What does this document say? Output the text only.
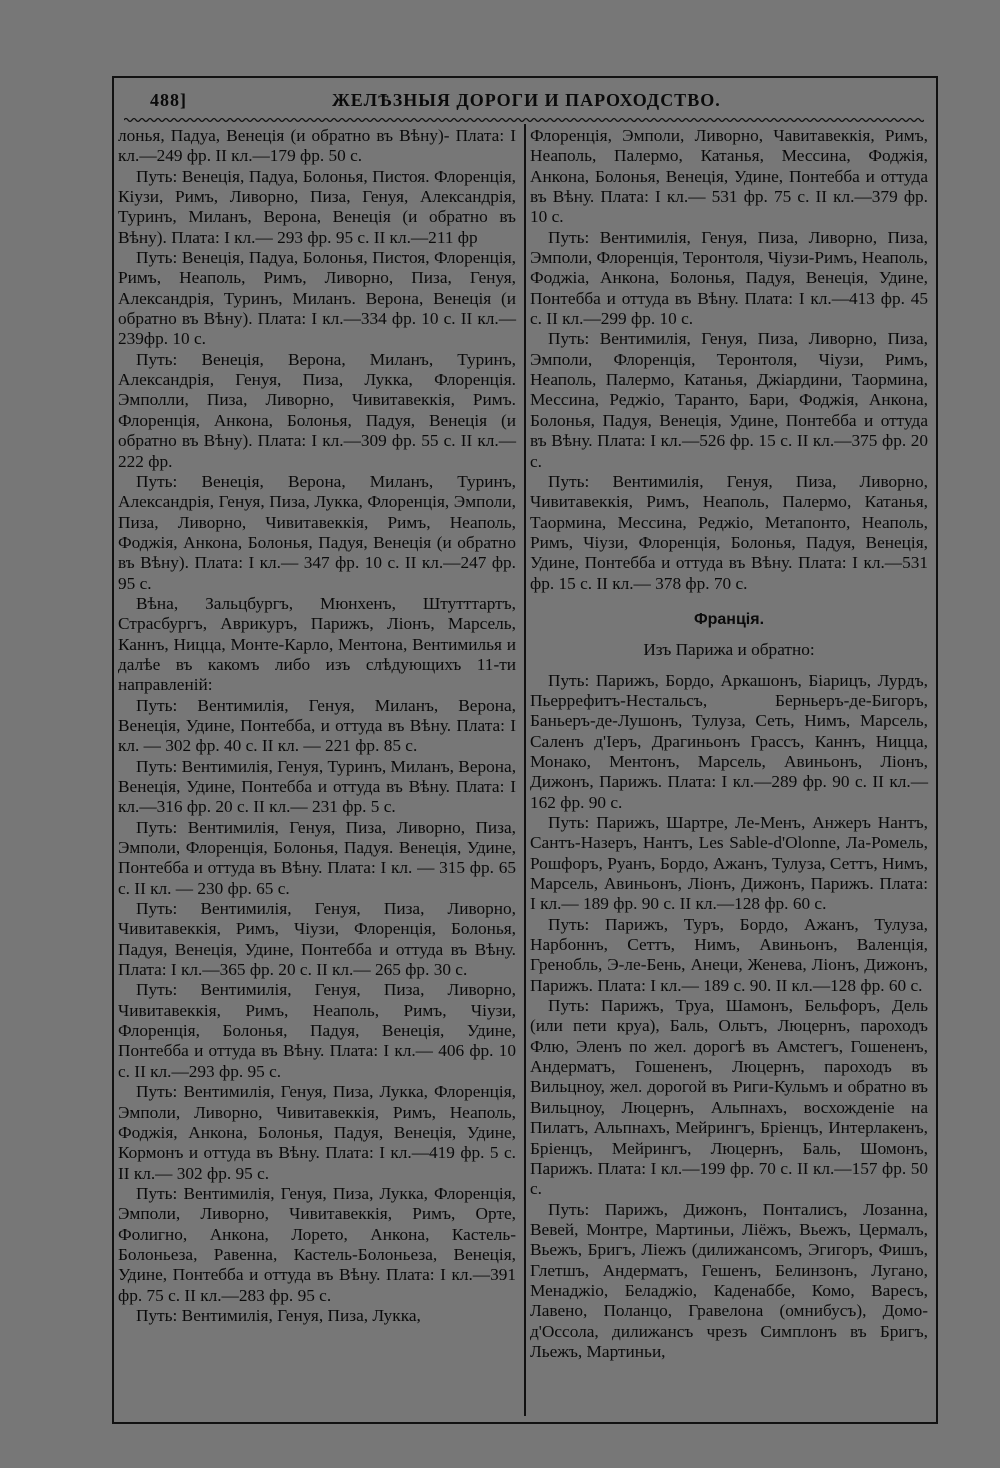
488]	ЖЕЛѢЗНЫЯ ДОРОГИ И ПАРОХОДСТВО.

лонья, Падуа, Венеція (и обратно въ Вѣну)- Плата: I кл.—249 фр. II кл.—179 фр. 50 с.

Путь: Венеція, Падуа, Болонья, Пистоя. Флоренція, Кіузи, Римъ, Ливорно, Пиза, Генуя, Александрія, Туринъ, Миланъ, Верона, Венеція (и обратно въ Вѣну). Плата: I кл.— 293 фр. 95 с. II кл.—211 фр

Путь: Венеція, Падуа, Болонья, Пистоя, Флоренція, Римъ, Неаполь, Римъ, Ливорно, Пиза, Генуя, Александрія, Туринъ, Миланъ. Верона, Венеція (и обратно въ Вѣну). Плата: I кл.—334 фр. 10 с. II кл.—239фр. 10 с.

Путь: Венеція, Верона, Миланъ, Туринъ, Александрія, Генуя, Пиза, Лукка, Флоренція. Эмполли, Пиза, Ливорно, Чивитавеккія, Римъ. Флоренція, Анкона, Болонья, Падуя, Венеція (и обратно въ Вѣну). Плата: I кл.—309 фр. 55 с. II кл.—222 фр.

Путь: Венеція, Верона, Миланъ, Туринъ, Александрія, Генуя, Пиза, Лукка, Флоренція, Эмполи, Пиза, Ливорно, Чивитавеккія, Римъ, Неаполь, Фоджія, Анкона, Болонья, Падуя, Венеція (и обратно въ Вѣну). Плата: I кл.— 347 фр. 10 с. II кл.—247 фр. 95 с.

Вѣна, Зальцбургъ, Мюнхенъ, Штутттартъ, Страсбургъ, Аврикуръ, Парижъ, Ліонъ, Марсель, Каннъ, Ницца, Монте-Карло, Ментона, Вентимилья и далѣе въ какомъ либо изъ слѣдующихъ 11-ти направленій:

Путь: Вентимилія, Генуя, Миланъ, Верона, Венеція, Удине, Понтебба, и оттуда въ Вѣну. Плата: I кл. — 302 фр. 40 с. II кл. — 221 фр. 85 с.

Путь: Вентимилія, Генуя, Туринъ, Миланъ, Верона, Венеція, Удине, Понтебба и оттуда въ Вѣну. Плата: I кл.—316 фр. 20 с. II кл.— 231 фр. 5 с.

Путь: Вентимилія, Генуя, Пиза, Ливорно, Пиза, Эмполи, Флоренція, Болонья, Падуя. Венеція, Удине, Понтебба и оттуда въ Вѣну. Плата: I кл. — 315 фр. 65 с. II кл. — 230 фр. 65 с.

Путь: Вентимилія, Генуя, Пиза, Ливорно, Чивитавеккія, Римъ, Чіузи, Флоренція, Болонья, Падуя, Венеція, Удине, Понтебба и оттуда въ Вѣну. Плата: I кл.—365 фр. 20 с. II кл.— 265 фр. 30 с.

Путь: Вентимилія, Генуя, Пиза, Ливорно, Чивитавеккія, Римъ, Неаполь, Римъ, Чіузи, Флоренція, Болонья, Падуя, Венеція, Удине, Понтебба и оттуда въ Вѣну. Плата: I кл.— 406 фр. 10 с. II кл.—293 фр. 95 с.

Путь: Вентимилія, Генуя, Пиза, Лукка, Флоренція, Эмполи, Ливорно, Чивитавеккія, Римъ, Неаполь, Фоджія, Анкона, Болонья, Падуя, Венеція, Удине, Кормонъ и оттуда въ Вѣну. Плата: I кл.—419 фр. 5 с. II кл.— 302 фр. 95 с.

Путь: Вентимилія, Генуя, Пиза, Лукка, Флоренція, Эмполи, Ливорно, Чивитавеккія, Римъ, Орте, Фолигно, Анкона, Лорето, Анкона, Кастель-Болоньеза, Равенна, Кастель-Болоньеза, Венеція, Удине, Понтебба и оттуда въ Вѣну. Плата: I кл.—391 фр. 75 с. II кл.—283 фр. 95 с.

Путь: Вентимилія, Генуя, Пиза, Лукка,

Флоренція, Эмполи, Ливорно, Чавитавеккія, Римъ, Неаполь, Палермо, Катанья, Мессина, Фоджія, Анкона, Болонья, Венеція, Удине, Понтебба и оттуда въ Вѣну. Плата: I кл.— 531 фр. 75 с. II кл.—379 фр. 10 с.

Путь: Вентимилія, Генуя, Пиза, Ливорно, Пиза, Эмполи, Флоренція, Теронтоля, Чіузи-Римъ, Неаполь, Фоджіа, Анкона, Болонья, Падуя, Венеція, Удине, Понтебба и оттуда въ Вѣну. Плата: I кл.—413 фр. 45 с. II кл.—299 фр. 10 с.

Путь: Вентимилія, Генуя, Пиза, Ливорно, Пиза, Эмполи, Флоренція, Теронтоля, Чіузи, Римъ, Неаполь, Палермо, Катанья, Джіардини, Таормина, Мессина, Реджіо, Таранто, Бари, Фоджія, Анкона, Болонья, Падуя, Венеція, Удине, Понтебба и оттуда въ Вѣну. Плата: I кл.—526 фр. 15 с. II кл.—375 фр. 20 с.

Путь: Вентимилія, Генуя, Пиза, Ливорно, Чивитавеккія, Римъ, Неаполь, Палермо, Катанья, Таормина, Мессина, Реджіо, Метапонто, Неаполь, Римъ, Чіузи, Флоренція, Болонья, Падуя, Венеція, Удине, Понтебба и оттуда въ Вѣну. Плата: I кл.—531 фр. 15 с. II кл.— 378 фр. 70 с.

Франція.

Изъ Парижа и обратно:

Путь: Парижъ, Бордо, Аркашонъ, Біарицъ, Лурдъ, Пьеррефитъ-Нестальсъ, Берньеръ-де-Бигоръ, Баньеръ-де-Лушонъ, Тулуза, Сеть, Нимъ, Марсель, Саленъ д'Іеръ, Драгиньонъ Грассъ, Каннъ, Ницца, Монако, Ментонъ, Марсель, Авиньонъ, Ліонъ, Дижонъ, Парижъ. Плата: I кл.—289 фр. 90 с. II кл.—162 фр. 90 с.

Путь: Парижъ, Шартре, Ле-Менъ, Анжеръ Нантъ, Сантъ-Назеръ, Нантъ, Les Sable-d'Olonne, Ла-Ромель, Рошфоръ, Руанъ, Бордо, Ажанъ, Тулуза, Сеттъ, Нимъ, Марсель, Авиньонъ, Ліонъ, Дижонъ, Парижъ. Плата: I кл.— 189 фр. 90 с. II кл.—128 фр. 60 с.

Путь: Парижъ, Туръ, Бордо, Ажанъ, Тулуза, Нарбоннъ, Сеттъ, Нимъ, Авиньонъ, Валенція, Гренобль, Э-ле-Бень, Анеци, Женева, Ліонъ, Дижонъ, Парижъ. Плата: I кл.— 189 с. 90. II кл.—128 фр. 60 с.

Путь: Парижъ, Труа, Шамонъ, Бельфоръ, Дель (или пети круа), Баль, Ольтъ, Люцернъ, пароходъ Флю, Эленъ по жел. дорогѣ въ Амстегъ, Гошененъ, Андерматъ, Гошененъ, Люцернъ, пароходъ въ Вильцноу, жел. дорогой въ Риги-Кульмъ и обратно въ Вильцноу, Люцернъ, Альпнахъ, восхожденіе на Пилатъ, Альпнахъ, Мейрингъ, Бріенцъ, Интерлакенъ, Бріенцъ, Мейрингъ, Люцернъ, Баль, Шомонъ, Парижъ. Плата: I кл.—199 фр. 70 с. II кл.—157 фр. 50 с.

Путь: Парижъ, Дижонъ, Понталисъ, Лозанна, Вевей, Монтре, Мартиньи, Ліёжъ, Вьежъ, Цермалъ, Вьежъ, Бригъ, Ліежъ (дилижансомъ, Эгигоръ, Фишъ, Глетшъ, Андерматъ, Гешенъ, Белинзонъ, Лугано, Менаджіо, Беладжіо, Каденаббе, Комо, Варесъ, Лавено, Поланцо, Гравелона (омнибусъ), Домо-д'Оссола, дилижансъ чрезъ Симплонъ въ Бригъ, Льежъ, Мартиньи,
